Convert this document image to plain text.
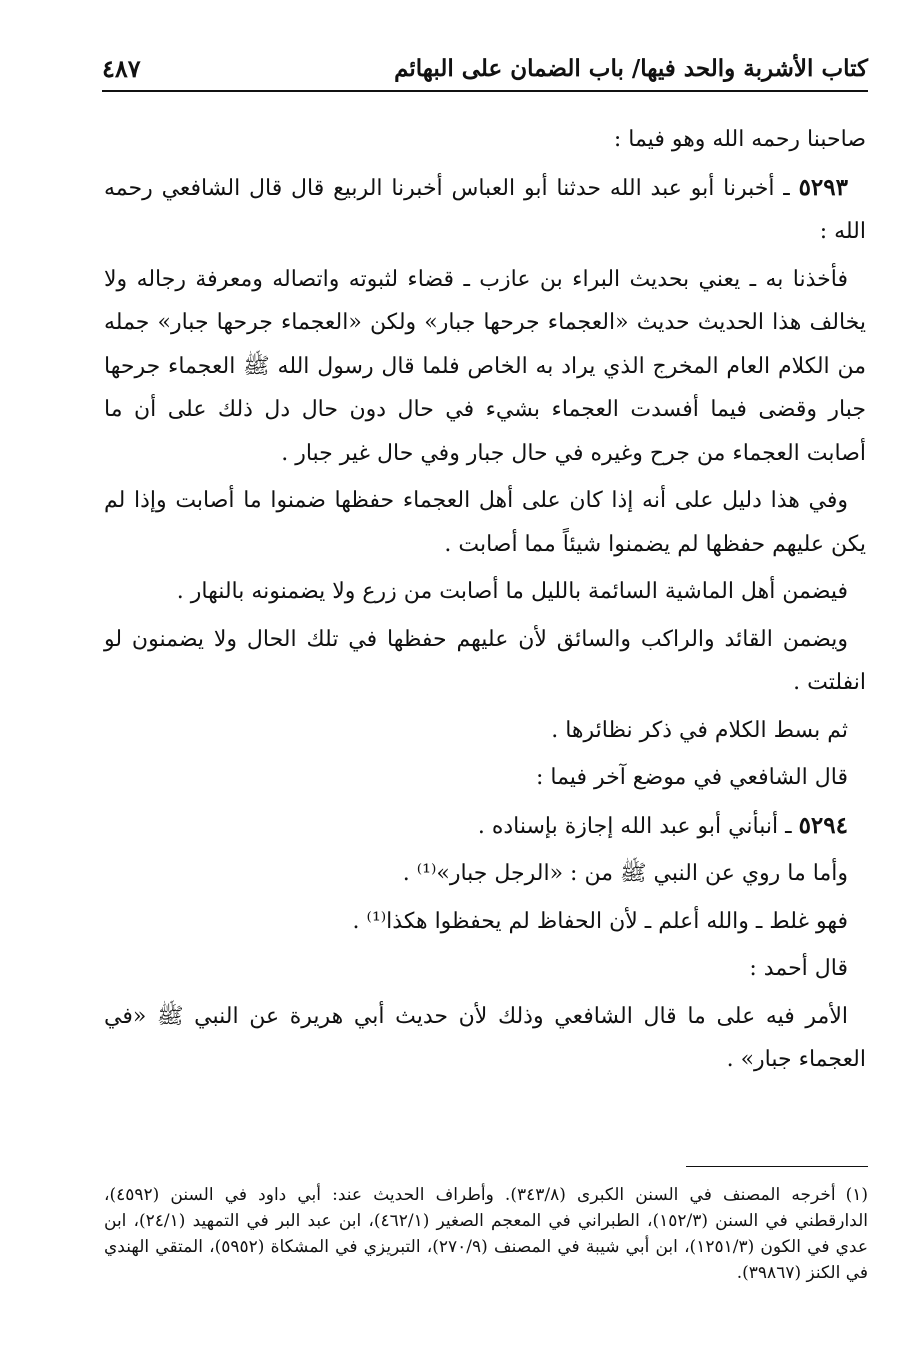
كتاب الأشربة والحد فيها/ باب الضمان على البهائم
٤٨٧

صاحبنا رحمه الله وهو فيما :

٥٢٩٣ ـ أخبرنا أبو عبد الله حدثنا أبو العباس أخبرنا الربيع قال قال الشافعي رحمه الله :

فأخذنا به ـ يعني بحديث البراء بن عازب ـ قضاء لثبوته واتصاله ومعرفة رجاله ولا يخالف هذا الحديث حديث «العجماء جرحها جبار» ولكن «العجماء جرحها جبار» جمله من الكلام العام المخرج الذي يراد به الخاص فلما قال رسول الله ﷺ العجماء جرحها جبار وقضى فيما أفسدت العجماء بشيء في حال دون حال دل ذلك على أن ما أصابت العجماء من جرح وغيره في حال جبار وفي حال غير جبار .

وفي هذا دليل على أنه إذا كان على أهل العجماء حفظها ضمنوا ما أصابت وإذا لم يكن عليهم حفظها لم يضمنوا شيئاً مما أصابت .

فيضمن أهل الماشية السائمة بالليل ما أصابت من زرع ولا يضمنونه بالنهار .

ويضمن القائد والراكب والسائق لأن عليهم حفظها في تلك الحال ولا يضمنون لو انفلتت .

ثم بسط الكلام في ذكر نظائرها .

قال الشافعي في موضع آخر فيما :

٥٢٩٤ ـ أنبأني أبو عبد الله إجازة بإسناده .

وأما ما روي عن النبي ﷺ من : «الرجل جبار»⁽¹⁾ .

فهو غلط ـ والله أعلم ـ لأن الحفاظ لم يحفظوا هكذا⁽¹⁾ .

قال أحمد :

الأمر فيه على ما قال الشافعي وذلك لأن حديث أبي هريرة عن النبي ﷺ «في العجماء جبار» .

(١)أخرجه المصنف في السنن الكبرى (٣٤٣/٨). وأطراف الحديث عند: أبي داود في السنن (٤٥٩٢)، الدارقطني في السنن (١٥٢/٣)، الطبراني في المعجم الصغير (٤٦٢/١)، ابن عبد البر في التمهيد (٢٤/١)، ابن عدي في الكون (١٢٥١/٣)، ابن أبي شيبة في المصنف (٢٧٠/٩)، التبريزي في المشكاة (٥٩٥٢)، المتقي الهندي في الكنز (٣٩٨٦٧).
